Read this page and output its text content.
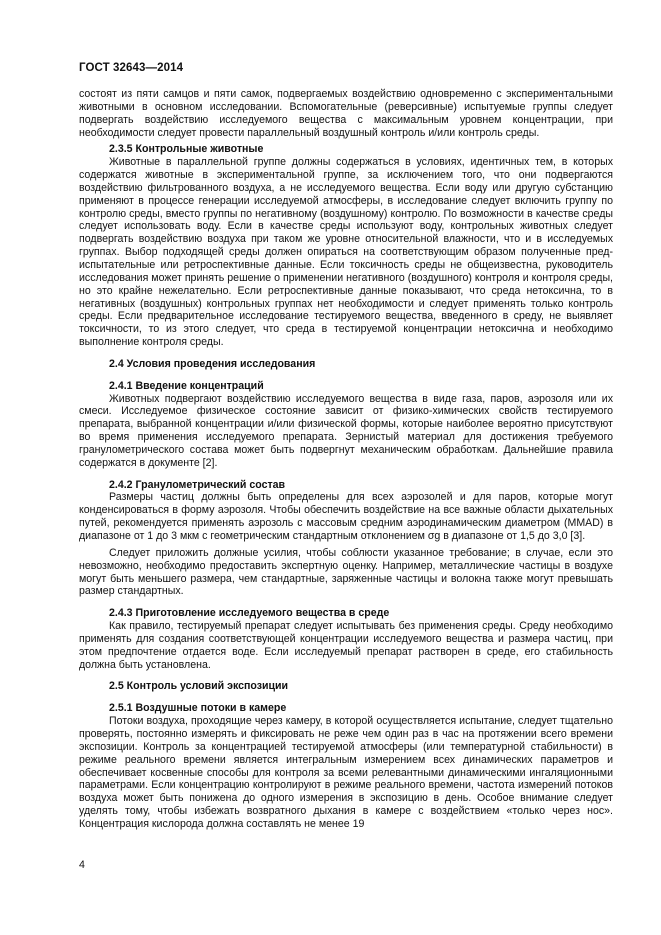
ГОСТ 32643—2014

состоят из пяти самцов и пяти самок, подвергаемых воздействию одновременно с экспериментальными животными в основном исследовании. Вспомогательные (реверсивные) испытуемые группы следует подвергать воздействию исследуемого вещества с максимальным уровнем концентрации, при необходимости следует провести параллельный воздушный контроль и/или контроль среды.

2.3.5 Контрольные животные

Животные в параллельной группе должны содержаться в условиях, идентичных тем, в которых содержатся животные в экспериментальной группе, за исключением того, что они подвергаются воздействию фильтрованного воздуха, а не исследуемого вещества. Если воду или другую субстанцию применяют в процессе генерации исследуемой атмосферы, в исследование следует включить группу по контролю среды, вместо группы по негативному (воздушному) контролю. По возможности в качестве среды следует использовать воду. Если в качестве среды используют воду, контрольных животных следует подвергать воздействию воздуха при таком же уровне относительной влажности, что и в исследуемых группах. Выбор подходящей среды должен опираться на соответствующим образом полученные пред-испытательные или ретроспективные данные. Если токсичность среды не общеизвестна, руководитель исследования может принять решение о применении негативного (воздушного) контроля и контроля среды, но это крайне нежелательно. Если ретроспективные данные показывают, что среда нетоксична, то в негативных (воздушных) контрольных группах нет необходимости и следует применять только контроль среды. Если предварительное исследование тестируемого вещества, введенного в среду, не выявляет токсичности, то из этого следует, что среда в тестируемой концентрации нетоксична и необходимо выполнение контроля среды.

2.4 Условия проведения исследования
2.4.1 Введение концентраций

Животных подвергают воздействию исследуемого вещества в виде газа, паров, аэрозоля или их смеси. Исследуемое физическое состояние зависит от физико-химических свойств тестируемого препарата, выбранной концентрации и/или физической формы, которые наиболее вероятно присутствуют во время применения исследуемого препарата. Зернистый материал для достижения требуемого гранулометрического состава может быть подвергнут механическим обработкам. Дальнейшие правила содержатся в документе [2].

2.4.2 Гранулометрический состав

Размеры частиц должны быть определены для всех аэрозолей и для паров, которые могут конденсироваться в форму аэрозоля. Чтобы обеспечить воздействие на все важные области дыхательных путей, рекомендуется применять аэрозоль с массовым средним аэродинамическим диаметром (MMAD) в диапазоне от 1 до 3 мкм с геометрическим стандартным отклонением σg в диапазоне от 1,5 до 3,0 [3].

Следует приложить должные усилия, чтобы соблюсти указанное требование; в случае, если это невозможно, необходимо предоставить экспертную оценку. Например, металлические частицы в воздухе могут быть меньшего размера, чем стандартные, заряженные частицы и волокна также могут превышать размер стандартных.

2.4.3 Приготовление исследуемого вещества в среде

Как правило, тестируемый препарат следует испытывать без применения среды. Среду необходимо применять для создания соответствующей концентрации исследуемого вещества и размера частиц, при этом предпочтение отдается воде. Если исследуемый препарат растворен в среде, его стабильность должна быть установлена.

2.5 Контроль условий экспозиции
2.5.1 Воздушные потоки в камере

Потоки воздуха, проходящие через камеру, в которой осуществляется испытание, следует тщательно проверять, постоянно измерять и фиксировать не реже чем один раз в час на протяжении всего времени экспозиции. Контроль за концентрацией тестируемой атмосферы (или температурной стабильности) в режиме реального времени является интегральным измерением всех динамических параметров и обеспечивает косвенные способы для контроля за всеми релевантными динамическими ингаляционными параметрами. Если концентрацию контролируют в режиме реального времени, частота измерений потоков воздуха может быть понижена до одного измерения в экспозицию в день. Особое внимание следует уделять тому, чтобы избежать возвратного дыхания в камере с воздействием «только через нос». Концентрация кислорода должна составлять не менее 19

4
